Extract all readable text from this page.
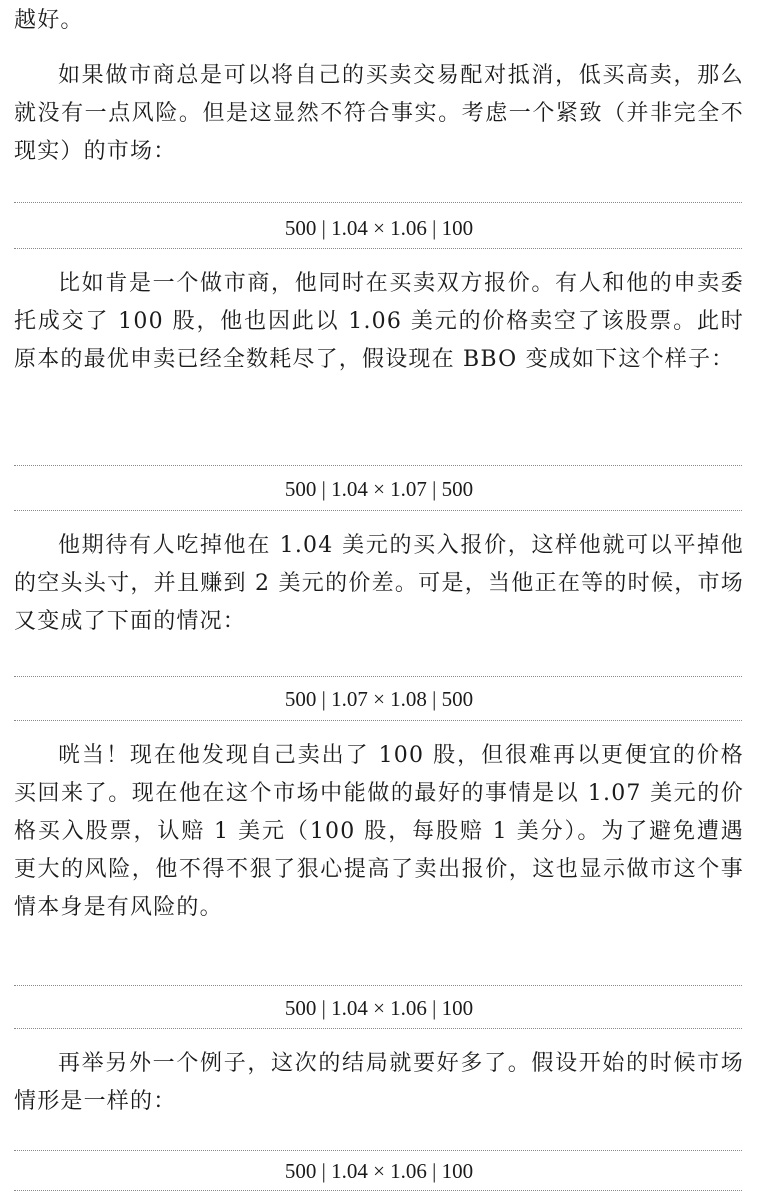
越好。

如果做市商总是可以将自己的买卖交易配对抵消，低买高卖，那么就没有一点风险。但是这显然不符合事实。考虑一个紧致（并非完全不现实）的市场：

500 | 1.04 × 1.06 | 100

比如肯是一个做市商，他同时在买卖双方报价。有人和他的申卖委托成交了 100 股，他也因此以 1.06 美元的价格卖空了该股票。此时原本的最优申卖已经全数耗尽了，假设现在 BBO 变成如下这个样子：

500 | 1.04 × 1.07 | 500

他期待有人吃掉他在 1.04 美元的买入报价，这样他就可以平掉他的空头头寸，并且赚到 2 美元的价差。可是，当他正在等的时候，市场又变成了下面的情况：

500 | 1.07 × 1.08 | 500

咣当！现在他发现自己卖出了 100 股，但很难再以更便宜的价格买回来了。现在他在这个市场中能做的最好的事情是以 1.07 美元的价格买入股票，认赔 1 美元（100 股，每股赔 1 美分）。为了避免遭遇更大的风险，他不得不狠了狠心提高了卖出报价，这也显示做市这个事情本身是有风险的。

500 | 1.04 × 1.06 | 100

再举另外一个例子，这次的结局就要好多了。假设开始的时候市场情形是一样的：

500 | 1.04 × 1.06 | 100
